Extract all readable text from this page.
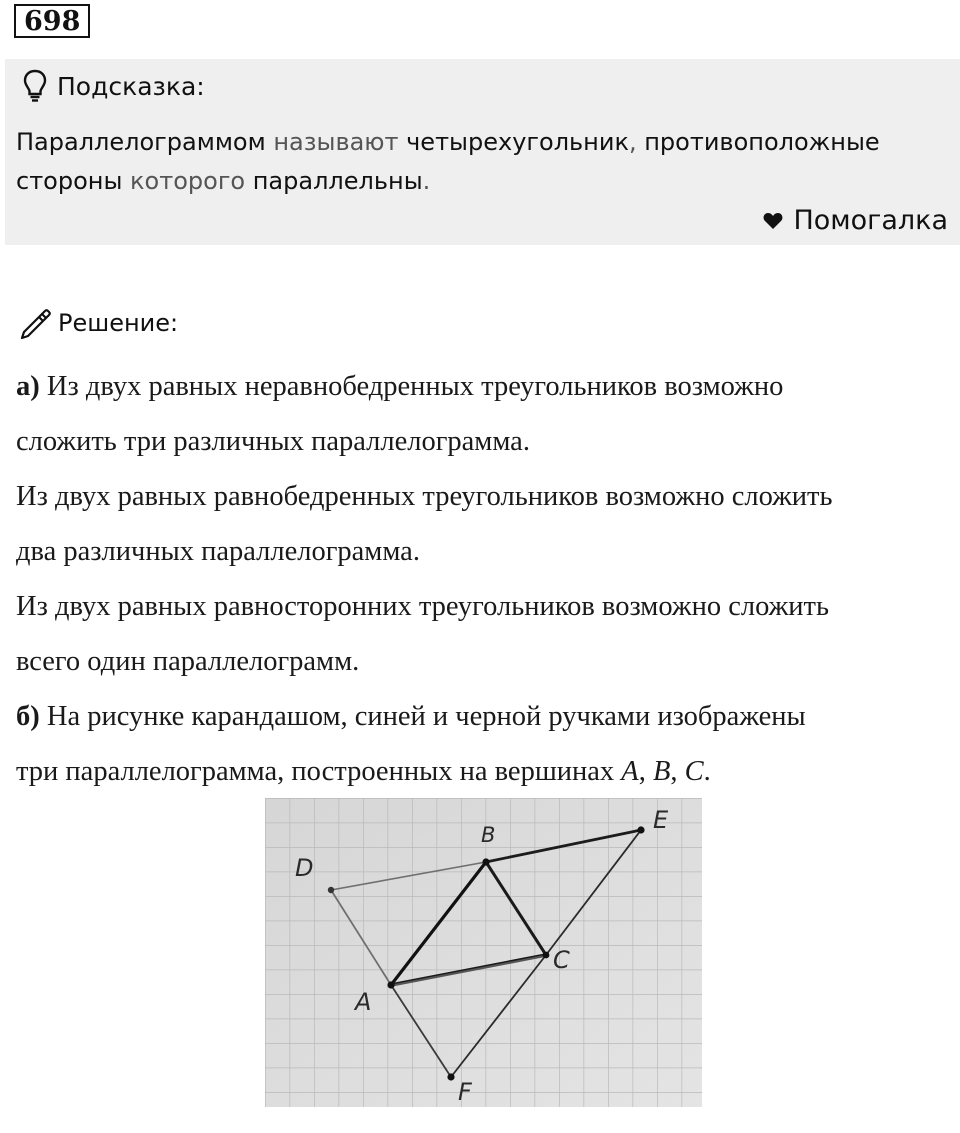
698
Подсказка:
Параллелограммом называют четырехугольник, противоположные
стороны которого параллельны.
Помогалка
Решение:
а) Из двух равных неравнобедренных треугольников возможно
сложить три различных параллелограмма.
Из двух равных равнобедренных треугольников возможно сложить
два различных параллелограмма.
Из двух равных равносторонних треугольников возможно сложить
всего один параллелограмм.
б) На рисунке карандашом, синей и черной ручками изображены
три параллелограмма, построенных на вершинах A, B, C.
D
B
E
C
A
F
